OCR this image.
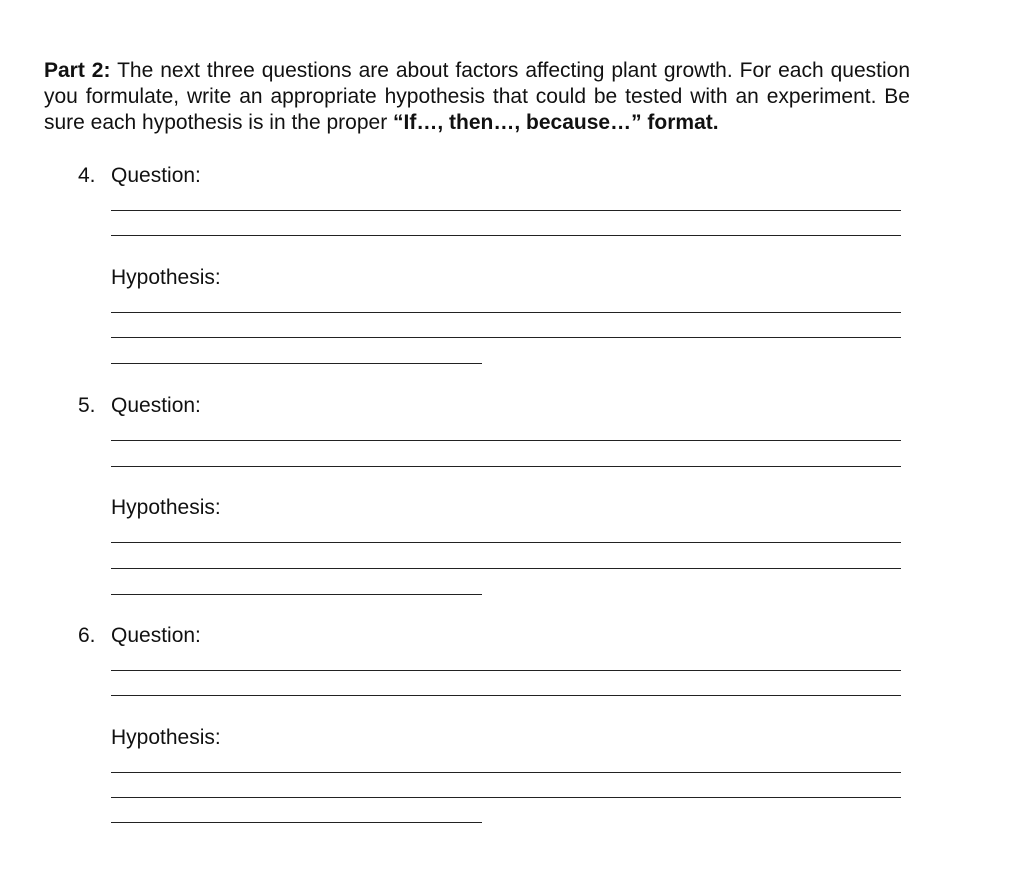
Part 2: The next three questions are about factors affecting plant growth. For each question you formulate, write an appropriate hypothesis that could be tested with an experiment. Be sure each hypothesis is in the proper “If…, then…, because…” format.

4. Question:
Hypothesis:
5. Question:
Hypothesis:
6. Question:
Hypothesis:
